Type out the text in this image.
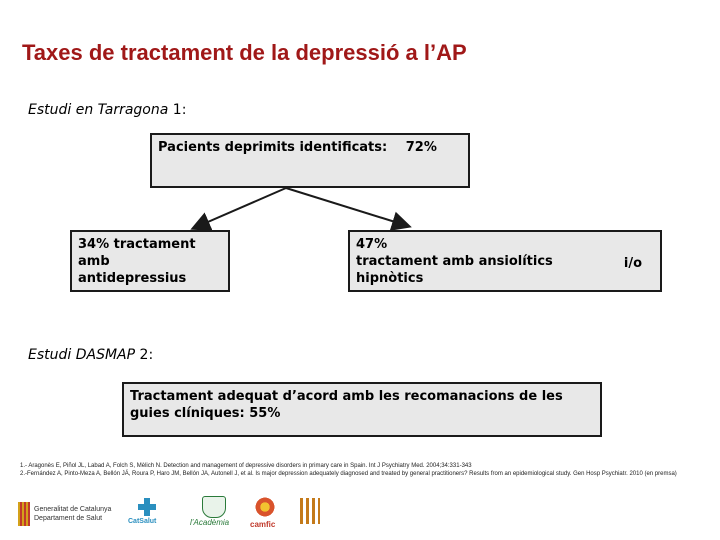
Taxes de tractament de la depressió a l’AP
Estudi en Tarragona 1:
Pacients deprimits identificats: 72%
34% tractament
amb antidepressius
47%
tractament amb ansiolítics
hipnòtics
i/o
Estudi DASMAP 2:
Tractament adequat d’acord amb les recomanacions de les
guies clíniques: 55%
1.- Aragonès E, Piñol JL, Labad A, Folch S, Mèlich N. Detection and management of depressive disorders in primary care in Spain. Int J Psychiatry Med. 2004;34:331-343
2.-Fernández A, Pinto-Meza A, Bellón JÁ, Roura P, Haro JM, Bellón JA, Autonell J, et al. Is major depression adequately diagnosed and treated by general practitioners? Results from an epidemiological study. Gen Hosp Psychiatr. 2010 (en premsa)
Generalitat de Catalunya
Departament de Salut	CatSalut	l’Acadèmia	camfic
